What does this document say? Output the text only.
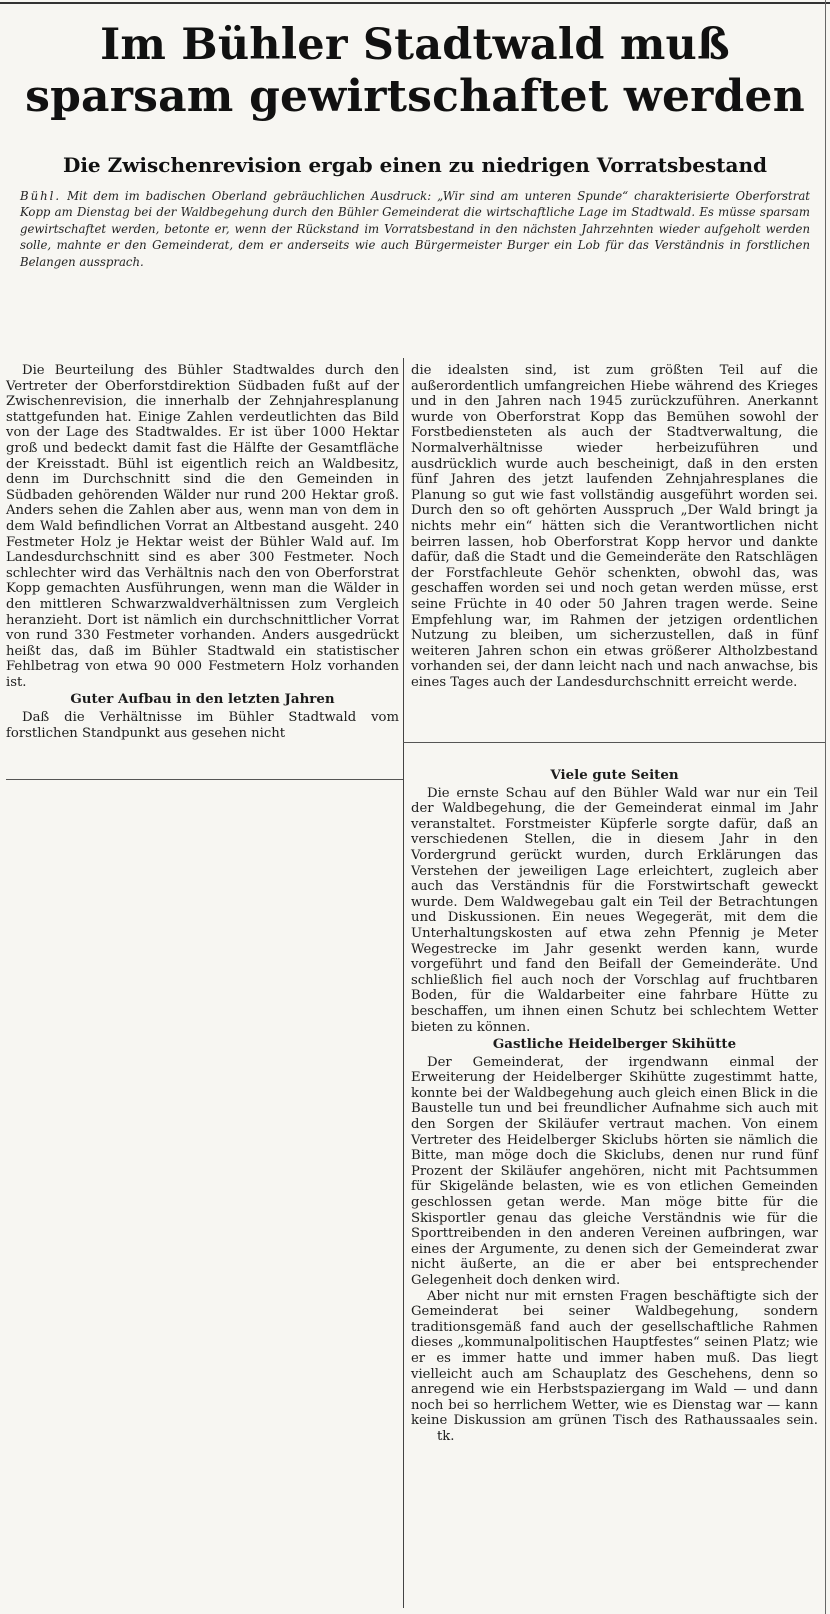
Im Bühler Stadtwald muß
sparsam gewirtschaftet werden
Die Zwischenrevision ergab einen zu niedrigen Vorratsbestand

Bühl. Mit dem im badischen Oberland gebräuchlichen Ausdruck: „Wir sind am unteren Spunde“ charakterisierte Oberforstrat Kopp am Dienstag bei der Waldbegehung durch den Bühler Gemeinderat die wirtschaftliche Lage im Stadtwald. Es müsse sparsam gewirtschaftet werden, betonte er, wenn der Rückstand im Vorratsbestand in den nächsten Jahrzehnten wieder aufgeholt werden solle, mahnte er den Gemeinderat, dem er anderseits wie auch Bürgermeister Burger ein Lob für das Verständnis in forstlichen Belangen aussprach.

Die Beurteilung des Bühler Stadtwaldes durch den Vertreter der Oberforstdirektion Südbaden fußt auf der Zwischenrevision, die innerhalb der Zehnjahresplanung stattgefunden hat. Einige Zahlen verdeutlichten das Bild von der Lage des Stadtwaldes. Er ist über 1000 Hektar groß und bedeckt damit fast die Hälfte der Gesamtfläche der Kreisstadt. Bühl ist eigentlich reich an Waldbesitz, denn im Durchschnitt sind die den Gemeinden in Südbaden gehörenden Wälder nur rund 200 Hektar groß. Anders sehen die Zahlen aber aus, wenn man von dem in dem Wald befindlichen Vorrat an Altbestand ausgeht. 240 Festmeter Holz je Hektar weist der Bühler Wald auf. Im Landesdurchschnitt sind es aber 300 Festmeter. Noch schlechter wird das Verhältnis nach den von Oberforstrat Kopp gemachten Ausführungen, wenn man die Wälder in den mittleren Schwarzwaldverhältnissen zum Vergleich heranzieht. Dort ist nämlich ein durchschnittlicher Vorrat von rund 330 Festmeter vorhanden. Anders ausgedrückt heißt das, daß im Bühler Stadtwald ein statistischer Fehlbetrag von etwa 90 000 Festmetern Holz vorhanden ist.

Guter Aufbau in den letzten Jahren

Daß die Verhältnisse im Bühler Stadtwald vom forstlichen Standpunkt aus gesehen nicht

die idealsten sind, ist zum größten Teil auf die außerordentlich umfangreichen Hiebe während des Krieges und in den Jahren nach 1945 zurückzuführen. Anerkannt wurde von Oberforstrat Kopp das Bemühen sowohl der Forstbediensteten als auch der Stadtverwaltung, die Normalverhältnisse wieder herbeizuführen und ausdrücklich wurde auch bescheinigt, daß in den ersten fünf Jahren des jetzt laufenden Zehnjahresplanes die Planung so gut wie fast vollständig ausgeführt worden sei. Durch den so oft gehörten Ausspruch „Der Wald bringt ja nichts mehr ein“ hätten sich die Verantwortlichen nicht beirren lassen, hob Oberforstrat Kopp hervor und dankte dafür, daß die Stadt und die Gemeinderäte den Ratschlägen der Forstfachleute Gehör schenkten, obwohl das, was geschaffen worden sei und noch getan werden müsse, erst seine Früchte in 40 oder 50 Jahren tragen werde. Seine Empfehlung war, im Rahmen der jetzigen ordentlichen Nutzung zu bleiben, um sicherzustellen, daß in fünf weiteren Jahren schon ein etwas größerer Altholzbestand vorhanden sei, der dann leicht nach und nach anwachse, bis eines Tages auch der Landesdurchschnitt erreicht werde.

Viele gute Seiten

Die ernste Schau auf den Bühler Wald war nur ein Teil der Waldbegehung, die der Gemeinderat einmal im Jahr veranstaltet. Forstmeister Küpferle sorgte dafür, daß an verschiedenen Stellen, die in diesem Jahr in den Vordergrund gerückt wurden, durch Erklärungen das Verstehen der jeweiligen Lage erleichtert, zugleich aber auch das Verständnis für die Forstwirtschaft geweckt wurde. Dem Waldwegebau galt ein Teil der Betrachtungen und Diskussionen. Ein neues Wegegerät, mit dem die Unterhaltungskosten auf etwa zehn Pfennig je Meter Wegestrecke im Jahr gesenkt werden kann, wurde vorgeführt und fand den Beifall der Gemeinderäte. Und schließlich fiel auch noch der Vorschlag auf fruchtbaren Boden, für die Waldarbeiter eine fahrbare Hütte zu beschaffen, um ihnen einen Schutz bei schlechtem Wetter bieten zu können.

Gastliche Heidelberger Skihütte

Der Gemeinderat, der irgendwann einmal der Erweiterung der Heidelberger Skihütte zugestimmt hatte, konnte bei der Waldbegehung auch gleich einen Blick in die Baustelle tun und bei freundlicher Aufnahme sich auch mit den Sorgen der Skiläufer vertraut machen. Von einem Vertreter des Heidelberger Skiclubs hörten sie nämlich die Bitte, man möge doch die Skiclubs, denen nur rund fünf Prozent der Skiläufer angehören, nicht mit Pachtsummen für Skigelände belasten, wie es von etlichen Gemeinden geschlossen getan werde. Man möge bitte für die Skisportler genau das gleiche Verständnis wie für die Sporttreibenden in den anderen Vereinen aufbringen, war eines der Argumente, zu denen sich der Gemeinderat zwar nicht äußerte, an die er aber bei entsprechender Gelegenheit doch denken wird.

Aber nicht nur mit ernsten Fragen beschäftigte sich der Gemeinderat bei seiner Waldbegehung, sondern traditionsgemäß fand auch der gesellschaftliche Rahmen dieses „kommunalpolitischen Hauptfestes“ seinen Platz; wie er es immer hatte und immer haben muß. Das liegt vielleicht auch am Schauplatz des Geschehens, denn so anregend wie ein Herbstspaziergang im Wald — und dann noch bei so herrlichem Wetter, wie es Dienstag war — kann keine Diskussion am grünen Tisch des Rathaussaales sein.tk.
